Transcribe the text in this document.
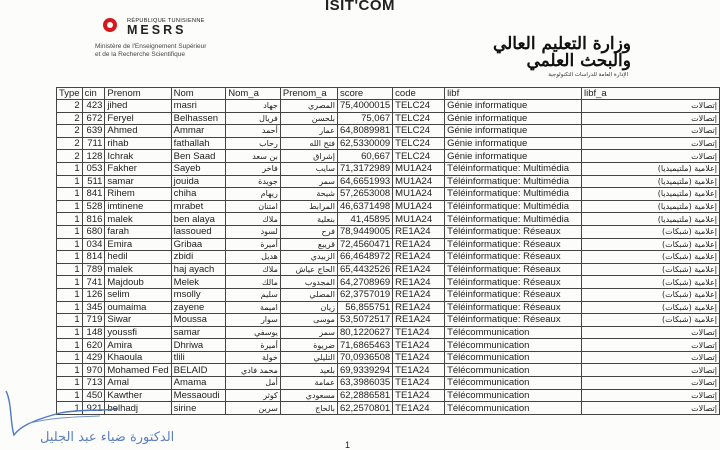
ISIT'COM
RÉPUBLIQUE TUNISIENNE
MESRS
Ministère de l'Enseignement Supérieur
et de la Recherche Scientifique
وزارة التعليم العالي
والبحث العلمي
الإدارة العامة للدراسات التكنولوجية
Type	cin	Prenom	Nom	Nom_a	Prenom_a	score	code	libf	libf_a
2	423	jihed	masri	جهاد	المصري	75,4000015	TELC24	Génie informatique	إتصالات
2	672	Feryel	Belhassen	فريال	بلحسن	75,067	TELC24	Génie informatique	إتصالات
2	639	Ahmed	Ammar	أحمد	عمار	64,8089981	TELC24	Génie informatique	إتصالات
2	711	rihab	fathallah	رحاب	فتح الله	62,5330009	TELC24	Génie informatique	إتصالات
2	128	Ichrak	Ben Saad	بن سعد	إشراق	60,667	TELC24	Génie informatique	إتصالات
1	053	Fakher	Sayeb	فاخر	سايب	71,3172989	MU1A24	Téléinformatique: Multimédia	إعلامية (ملتيميديا)
1	511	samar	jouida	جويدة	سمر	64,6651993	MU1A24	Téléinformatique: Multimédia	إعلامية (ملتيميديا)
1	841	Rihem	chiha	ريهام	شيحة	57,2653008	MU1A24	Téléinformatique: Multimédia	إعلامية (ملتيميديا)
1	528	imtinene	mrabet	امتنان	المرابط	46,6371498	MU1A24	Téléinformatique: Multimédia	إعلامية (ملتيميديا)
1	816	malek	ben alaya	ملاك	بنعلية	41,45895	MU1A24	Téléinformatique: Multimédia	إعلامية (ملتيميديا)
1	680	farah	lassoued	لسود	فرح	78,9449005	RE1A24	Téléinformatique: Réseaux	إعلامية (شبكات)
1	034	Emira	Gribaa	أميرة	قريبع	72,4560471	RE1A24	Téléinformatique: Réseaux	إعلامية (شبكات)
1	814	hedil	zbidi	هديل	الزبيدي	66,4648972	RE1A24	Téléinformatique: Réseaux	إعلامية (شبكات)
1	789	malek	haj ayach	ملاك	الحاج عياش	65,4432526	RE1A24	Téléinformatique: Réseaux	إعلامية (شبكات)
1	741	Majdoub	Melek	مالك	المجدوب	64,2708969	RE1A24	Téléinformatique: Réseaux	إعلامية (شبكات)
1	126	selim	msolly	سليم	المصلي	62,3757019	RE1A24	Téléinformatique: Réseaux	إعلامية (شبكات)
1	345	oumaima	zayene	اميمة	زيان	56,855751	RE1A24	Téléinformatique: Réseaux	إعلامية (شبكات)
1	719	Siwar	Moussa	سوار	موسى	53,5072517	RE1A24	Téléinformatique: Réseaux	إعلامية (شبكات)
1	148	youssfi	samar	يوسفي	سمر	80,1220627	TE1A24	Télécommunication	إتصالات
1	620	Amira	Dhriwa	أميرة	ضريوة	71,6865463	TE1A24	Télécommunication	إتصالات
1	429	Khaoula	tlili	خولة	التليلي	70,0936508	TE1A24	Télécommunication	إتصالات
1	970	Mohamed Fed	BELAID	محمد فادي	بلعيد	69,9339294	TE1A24	Télécommunication	إتصالات
1	713	Amal	Amama	أمل	عمامة	63,3986035	TE1A24	Télécommunication	إتصالات
1	450	Kawther	Messaoudi	كوثر	مسعودي	62,2886581	TE1A24	Télécommunication	إتصالات
1	921	belhadj	sirine	سرين	بالحاج	62,2570801	TE1A24	Télécommunication	إتصالات
الدكتورة ضياء عبد الجليل	1
